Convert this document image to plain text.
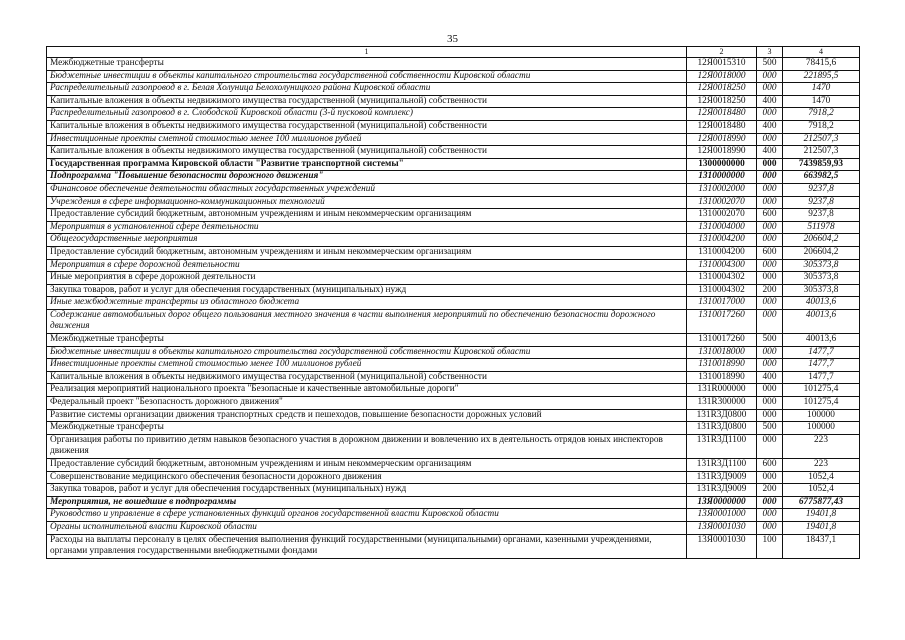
35
1	2	3	4
Межбюджетные трансферты	12Я0015310	500	78415,6
Бюджетные инвестиции в объекты капитального строительства государственной собственности Кировской области	12Я0018000	000	221895,5
Распределительный газопровод в г. Белая Холуница Белохолуницкого района Кировской области	12Я0018250	000	1470
Капитальные вложения в объекты недвижимого имущества государственной (муниципальной) собственности	12Я0018250	400	1470
Распределительный газопровод в г. Слободской Кировской области (3-й пусковой комплекс)	12Я0018480	000	7918,2
Капитальные вложения в объекты недвижимого имущества государственной (муниципальной) собственности	12Я0018480	400	7918,2
Инвестиционные проекты сметной стоимостью менее 100 миллионов рублей	12Я0018990	000	212507,3
Капитальные вложения в объекты недвижимого имущества государственной (муниципальной) собственности	12Я0018990	400	212507,3
Государственная программа Кировской области "Развитие транспортной системы"	1300000000	000	7439859,93
Подпрограмма "Повышение безопасности дорожного движения"	1310000000	000	663982,5
Финансовое обеспечение деятельности областных государственных учреждений	1310002000	000	9237,8
Учреждения в сфере информационно-коммуникационных технологий	1310002070	000	9237,8
Предоставление субсидий бюджетным, автономным учреждениям и иным некоммерческим организациям	1310002070	600	9237,8
Мероприятия в установленной сфере деятельности	1310004000	000	511978
Общегосударственные мероприятия	1310004200	000	206604,2
Предоставление субсидий бюджетным, автономным учреждениям и иным некоммерческим организациям	1310004200	600	206604,2
Мероприятия в сфере дорожной деятельности	1310004300	000	305373,8
Иные мероприятия в сфере дорожной деятельности	1310004302	000	305373,8
Закупка товаров, работ и услуг для обеспечения государственных (муниципальных) нужд	1310004302	200	305373,8
Иные межбюджетные трансферты из областного бюджета	1310017000	000	40013,6
Содержание автомобильных дорог общего пользования местного значения в части выполнения мероприятий по обеспечению безопасности дорожного движения	1310017260	000	40013,6
Межбюджетные трансферты	1310017260	500	40013,6
Бюджетные инвестиции в объекты капитального строительства государственной собственности Кировской области	1310018000	000	1477,7
Инвестиционные проекты сметной стоимостью менее 100 миллионов рублей	1310018990	000	1477,7
Капитальные вложения в объекты недвижимого имущества государственной (муниципальной) собственности	1310018990	400	1477,7
Реализация мероприятий национального проекта "Безопасные и качественные автомобильные дороги"	131R000000	000	101275,4
Федеральный проект "Безопасность дорожного движения"	131R300000	000	101275,4
Развитие системы организации движения транспортных средств и пешеходов, повышение безопасности дорожных условий	131R3Д0800	000	100000
Межбюджетные трансферты	131R3Д0800	500	100000
Организация работы по привитию детям навыков безопасного участия в дорожном движении и вовлечению их в деятельность отрядов юных инспекторов движения	131R3Д1100	000	223
Предоставление субсидий бюджетным, автономным учреждениям и иным некоммерческим организациям	131R3Д1100	600	223
Совершенствование медицинского обеспечения безопасности дорожного движения	131R3Д9009	000	1052,4
Закупка товаров, работ и услуг для обеспечения государственных (муниципальных) нужд	131R3Д9009	200	1052,4
Мероприятия, не вошедшие в подпрограммы	13Я0000000	000	6775877,43
Руководство и управление в сфере установленных функций органов государственной власти Кировской области	13Я0001000	000	19401,8
Органы исполнительной власти Кировской области	13Я0001030	000	19401,8
Расходы на выплаты персоналу в целях обеспечения выполнения функций государственными (муниципальными) органами, казенными учреждениями, органами управления государственными внебюджетными фондами	13Я0001030	100	18437,1
